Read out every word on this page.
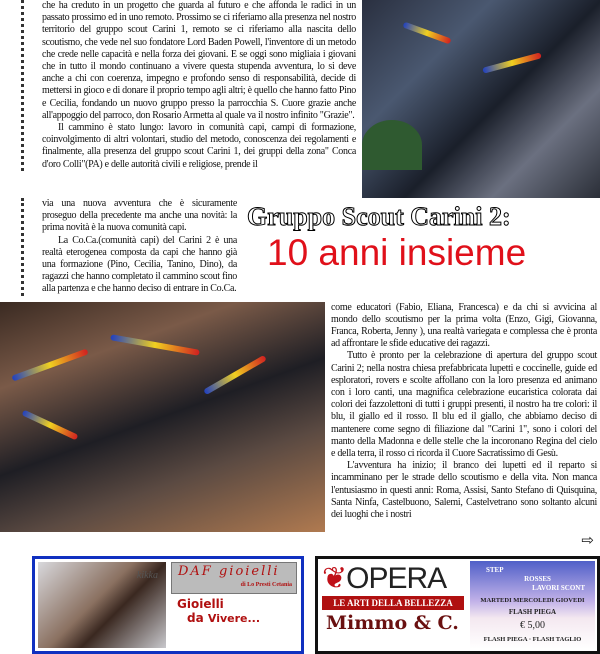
che ha creduto in un progetto che guarda al futuro e che affonda le radici in un passato prossimo ed in uno remoto. Prossimo se ci riferiamo alla presenza nel nostro territorio del gruppo scout Carini 1, remoto se ci riferiamo alla nascita dello scoutismo, che vede nel suo fondatore Lord Baden Powell, l'inventore di un metodo che crede nelle capacità e nella forza dei giovani. E se oggi sono migliaia i giovani che in tutto il mondo continuano a vivere questa stupenda avventura, lo si deve anche a chi con coerenza, impegno e profondo senso di responsabilità, decide di mettersi in gioco e di donare il proprio tempo agli altri; è quello che hanno fatto Pino e Cecilia, fondando un nuovo gruppo presso la parrocchia S. Cuore grazie anche all'appoggio del parroco, don Rosario Armetta al quale va il nostro infinito "Grazie".

Il cammino è stato lungo: lavoro in comunità capi, campi di formazione, coinvolgimento di altri volontari, studio del metodo, conoscenza dei regolamenti e finalmente, alla presenza del gruppo scout Carini 1, dei gruppi della zona" Conca d'oro Colli"(PA) e delle autorità civili e religiose, prende il

via una nuova avventura che è sicuramente proseguo della precedente ma anche una novità: la prima novità è la nuova comunità capi.

La Co.Ca.(comunità capi) del Carini 2 è una realtà eterogenea composta da capi che hanno già una formazione (Pino, Cecilia, Tanino, Dino), da ragazzi che hanno completato il cammino scout fino alla partenza e che hanno deciso di entrare in Co.Ca.

Gruppo Scout Carini 2:
10 anni insieme

come educatori (Fabio, Eliana, Francesca) e da chi si avvicina al mondo dello scoutismo per la prima volta (Enzo, Gigi, Giovanna, Franca, Roberta, Jenny ), una realtà variegata e complessa che è pronta ad affrontare le sfide educative dei ragazzi.

Tutto è pronto per la celebrazione di apertura del gruppo scout Carini 2; nella nostra chiesa prefabbricata lupetti e coccinelle, guide ed esploratori, rovers e scolte affollano con la loro presenza ed animano con i loro canti, una magnifica celebrazione eucaristica colorata dai colori dei fazzolettoni di tutti i gruppi presenti, il nostro ha tre colori: il blu, il giallo ed il rosso. Il blu ed il giallo, che abbiamo deciso di mantenere come segno di filiazione dal "Carini 1", sono i colori del manto della Madonna e delle stelle che la incoronano Regina del cielo e della terra, il rosso ci ricorda il Cuore Sacratissimo di Gesù.

L'avventura ha inizio; il branco dei lupetti ed il reparto si incamminano per le strade dello scoutismo e della vita. Non manca l'entusiasmo in questi anni: Roma, Assisi, Santo Stefano di Quisquina, Santa Ninfa, Castelbuono, Salemi, Castelvetrano sono soltanto alcuni dei luoghi che i nostri

⇨
kikka	DAF gioielli
di Lo Presti Cetania
Gioielli
da Vivere...
❦OPERA
LE ARTI DELLA BELLEZZA
Mimmo & C.
STEP
ROSSES
LAVORI SCONT
MARTEDI MERCOLEDI GIOVEDI
FLASH PIEGA
€ 5,00
FLASH PIEGA · FLASH TAGLIO
